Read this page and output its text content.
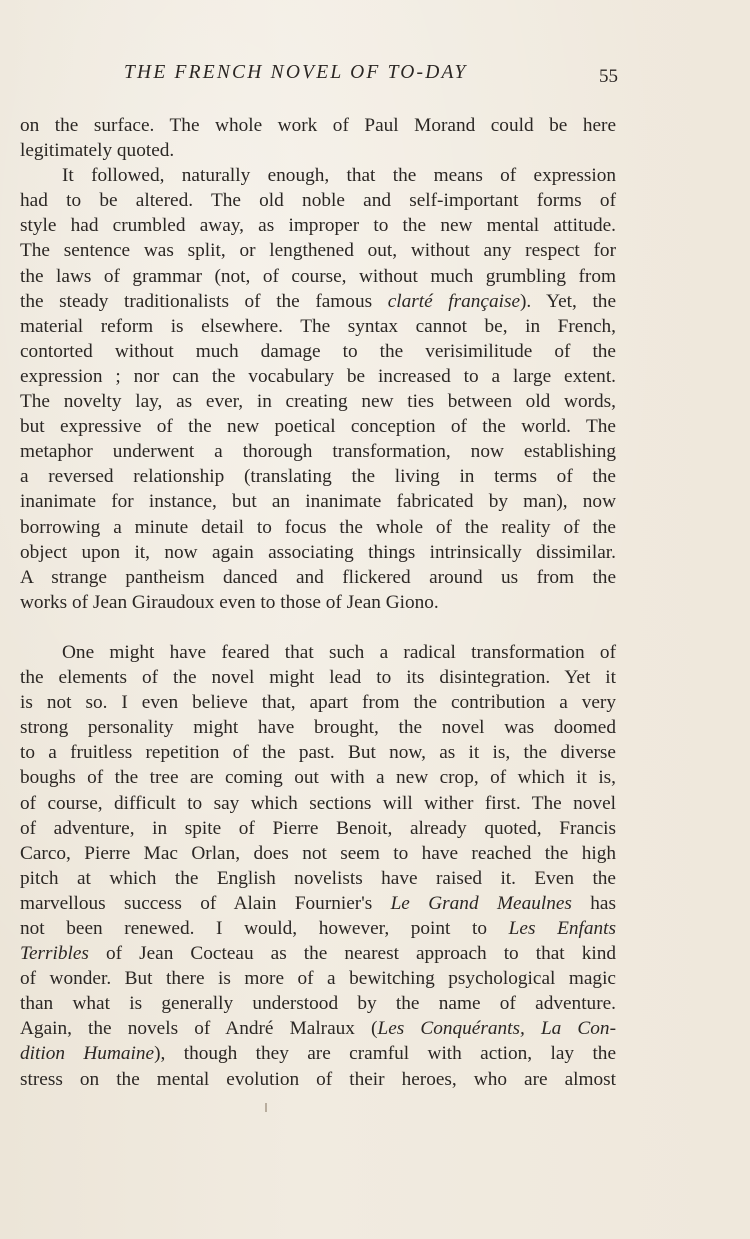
THE FRENCH NOVEL OF TO-DAY	55
on the surface. The whole work of Paul Morand could be here
legitimately quoted.
It followed, naturally enough, that the means of expression
had to be altered. The old noble and self-important forms of
style had crumbled away, as improper to the new mental attitude.
The sentence was split, or lengthened out, without any respect for
the laws of grammar (not, of course, without much grumbling from
the steady traditionalists of the famous clarté française). Yet, the
material reform is elsewhere. The syntax cannot be, in French,
contorted without much damage to the verisimilitude of the
expression ; nor can the vocabulary be increased to a large extent.
The novelty lay, as ever, in creating new ties between old words,
but expressive of the new poetical conception of the world. The
metaphor underwent a thorough transformation, now establishing
a reversed relationship (translating the living in terms of the
inanimate for instance, but an inanimate fabricated by man), now
borrowing a minute detail to focus the whole of the reality of the
object upon it, now again associating things intrinsically dissimilar.
A strange pantheism danced and flickered around us from the
works of Jean Giraudoux even to those of Jean Giono.
One might have feared that such a radical transformation of
the elements of the novel might lead to its disintegration. Yet it
is not so. I even believe that, apart from the contribution a very
strong personality might have brought, the novel was doomed
to a fruitless repetition of the past. But now, as it is, the diverse
boughs of the tree are coming out with a new crop, of which it is,
of course, difficult to say which sections will wither first. The novel
of adventure, in spite of Pierre Benoit, already quoted, Francis
Carco, Pierre Mac Orlan, does not seem to have reached the high
pitch at which the English novelists have raised it. Even the
marvellous success of Alain Fournier's Le Grand Meaulnes has
not been renewed. I would, however, point to Les Enfants
Terribles of Jean Cocteau as the nearest approach to that kind
of wonder. But there is more of a bewitching psychological magic
than what is generally understood by the name of adventure.
Again, the novels of André Malraux (Les Conquérants, La Con-
dition Humaine), though they are cramful with action, lay the
stress on the mental evolution of their heroes, who are almost
